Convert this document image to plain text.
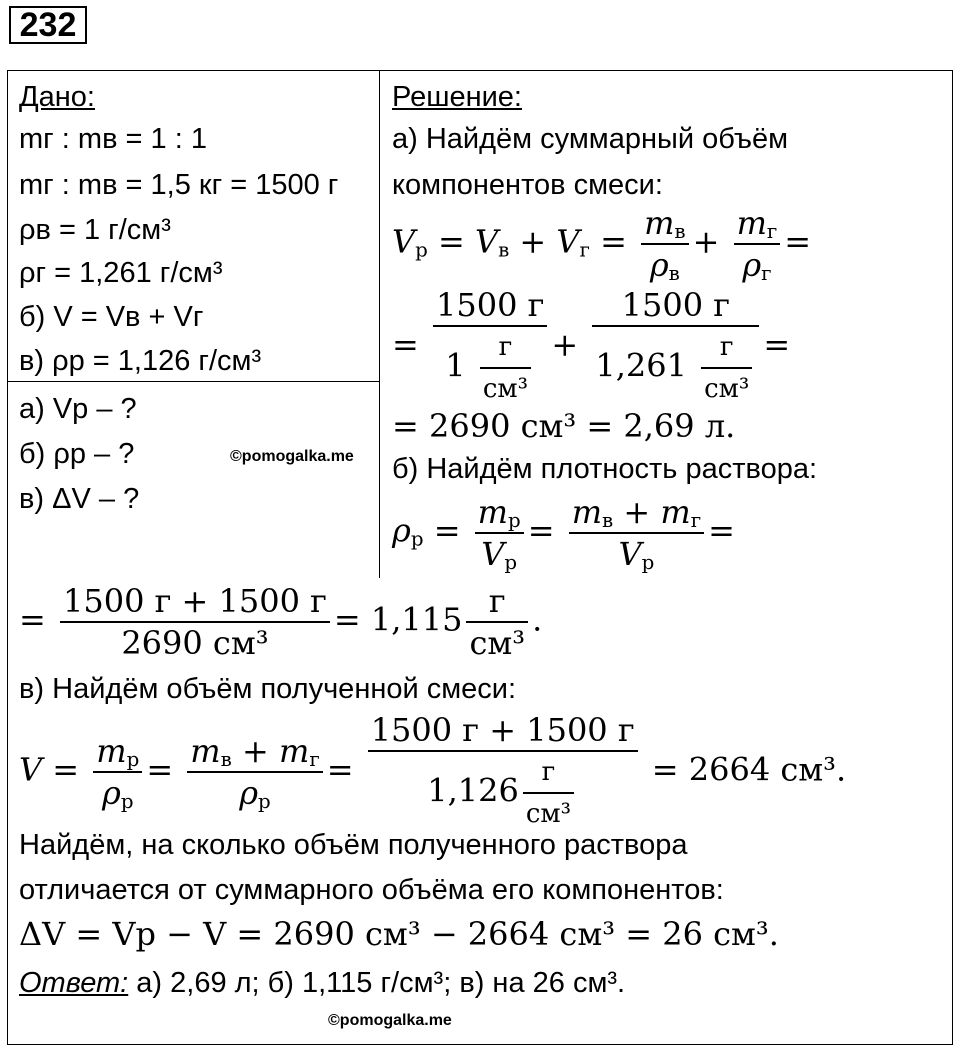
232
Дано:
mг : mв = 1 : 1
mг : mв = 1,5 кг = 1500 г
ρв = 1 г/см³
ρг = 1,261 г/см³
б) V = Vв + Vг
в) ρр = 1,126 г/см³
а) Vр – ?
б) ρр – ?
в) ΔV – ?
©pomogalka.me
Решение:
а) Найдём суммарный объём
компонентов смеси:
$V_р = V_в + V_г = \frac{m_в}{\rho_в} + \frac{m_г}{\rho_г}$ =
= $\frac{1500 г}{1 \frac{г}{\text{см³}}} + \frac{1500 г}{1,261 \frac{г}{\text{см³}}}$ =
= 2690 см³ = 2,69 л.
б) Найдём плотность раствора:
$\rho_р = \frac{m_р}{V_р} = \frac{m_в + m_г}{V_р}$ =
= $\frac{1500 г + 1500 г}{\text{2690 см³}} = 1,115 \frac{г}{\text{см³}}$ .
в) Найдём объём полученной смеси:
$V = \frac{m_р}{\rho_р} = \frac{m_в + m_г}{\rho_р} = \frac{1500 г + 1500 г}{1,126 \frac{г}{\text{см³}}} = 2664$ см³.
Найдём, на сколько объём полученного раствора
отличается от суммарного объёма его компонентов:
ΔV = Vр − V = 2690 см³ − 2664 см³ = 26 см³.
Ответ: а) 2,69 л; б) 1,115 г/см³; в) на 26 см³.
©pomogalka.me
